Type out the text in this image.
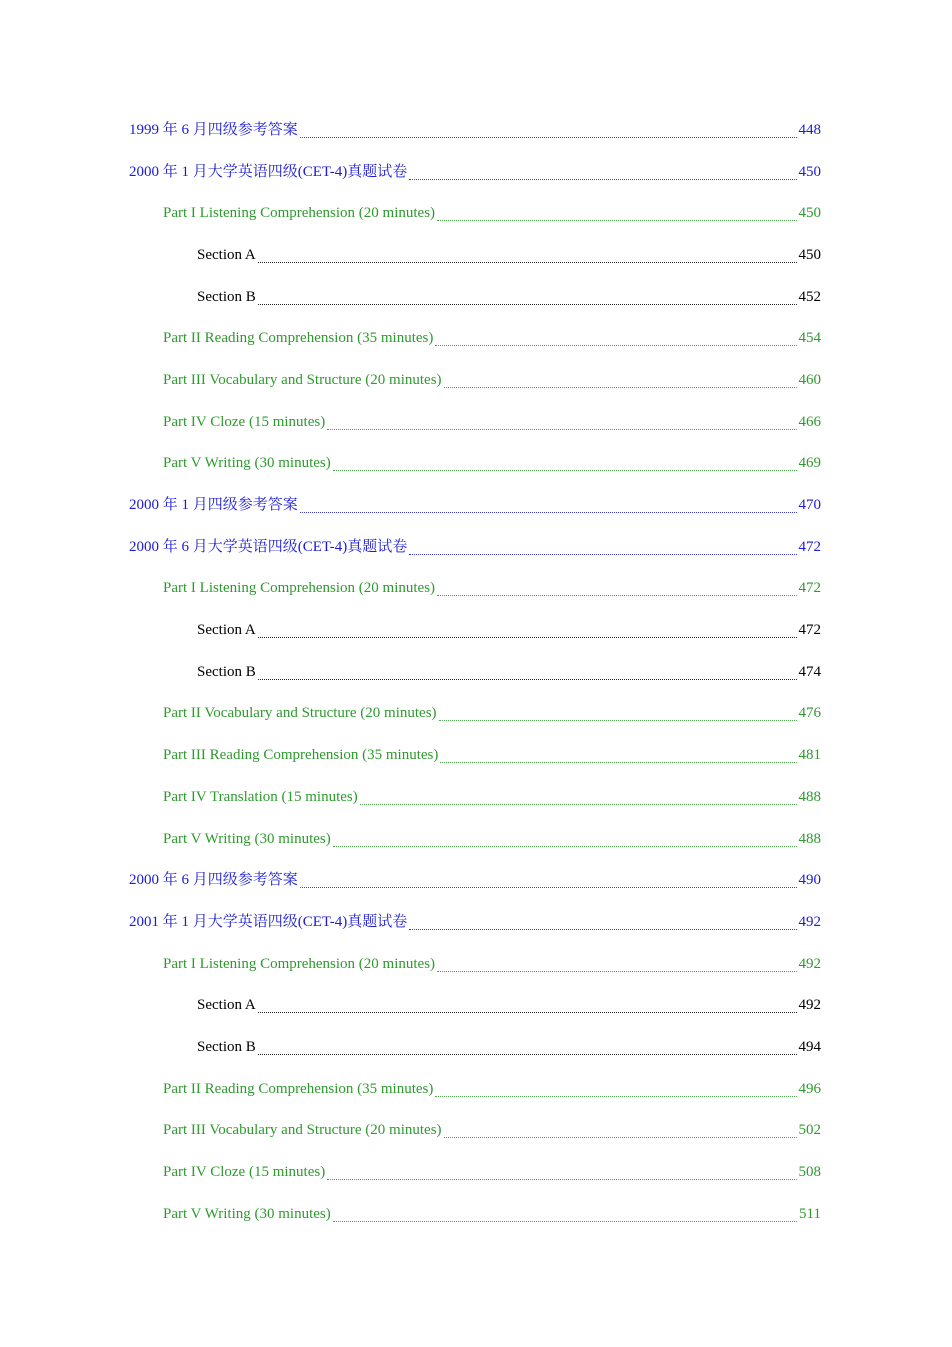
1999 年 6 月四级参考答案	448
2000 年 1 月大学英语四级(CET-4)真题试卷	450
Part I Listening Comprehension (20 minutes)	450
Section A	450
Section B	452
Part II Reading Comprehension (35 minutes)	454
Part III Vocabulary and Structure (20 minutes)	460
Part IV Cloze (15 minutes)	466
Part V Writing (30 minutes)	469
2000 年 1 月四级参考答案	470
2000 年 6 月大学英语四级(CET-4)真题试卷	472
Part I Listening Comprehension (20 minutes)	472
Section A	472
Section B	474
Part II Vocabulary and Structure (20 minutes)	476
Part III Reading Comprehension (35 minutes)	481
Part IV Translation (15 minutes)	488
Part V Writing (30 minutes)	488
2000 年 6 月四级参考答案	490
2001 年 1 月大学英语四级(CET-4)真题试卷	492
Part I Listening Comprehension (20 minutes)	492
Section A	492
Section B	494
Part II Reading Comprehension (35 minutes)	496
Part III Vocabulary and Structure (20 minutes)	502
Part IV Cloze (15 minutes)	508
Part V Writing (30 minutes)	511
